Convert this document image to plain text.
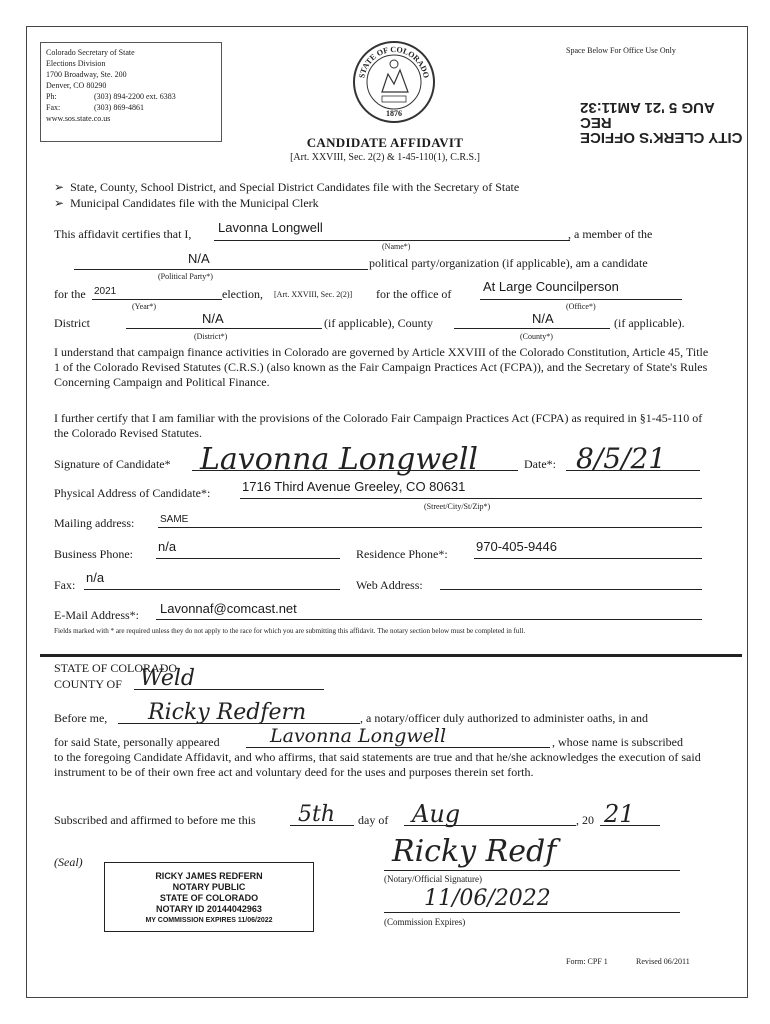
Colorado Secretary of State
Elections Division
1700 Broadway, Ste. 200
Denver, CO 80290
Ph:	(303) 894-2200 ext. 6383
Fax:	(303) 869-4861
www.sos.state.co.us
STATE OF COLORADO
1876
Space Below For Office Use Only
CITY CLERK'S OFFICE REC
AUG 5 '21 AM11:32
CANDIDATE AFFIDAVIT
[Art. XXVIII, Sec. 2(2) & 1-45-110(1), C.R.S.]
➢  State, County, School District, and Special District Candidates file with the Secretary of State
➢  Municipal Candidates file with the Municipal Clerk
This affidavit certifies that I, Lavonna Longwell	, a member of the
(Name*)
N/A	political party/organization (if applicable), am a candidate
(Political Party*)
for the 2021	election, [Art. XXVIII, Sec. 2(2)] for the office of At Large Councilperson
(Year*)	(Office*)
District	N/A	(if applicable), County	N/A	(if applicable).
(District*)	(County*)
I understand that campaign finance activities in Colorado are governed by Article XXVIII of the Colorado Constitution, Article 45, Title 1 of the Colorado Revised Statutes (C.R.S.) (also known as the Fair Campaign Practices Act (FCPA)), and the Secretary of State's Rules Concerning Campaign and Political Finance.
I further certify that I am familiar with the provisions of the Colorado Fair Campaign Practices Act (FCPA) as required in §1-45-110 of the Colorado Revised Statutes.
Signature of Candidate* Lavonna Longwell	Date*: 8/5/21
Physical Address of Candidate*: 1716 Third Avenue Greeley, CO 80631
(Street/City/St/Zip*)
Mailing address:	SAME
Business Phone: n/a	Residence Phone*: 970-405-9446
Fax: n/a	Web Address:
E-Mail Address*: Lavonnaf@comcast.net
Fields marked with * are required unless they do not apply to the race for which you are submitting this affidavit. The notary section below must be completed in full.
STATE OF COLORADO
COUNTY OF Weld
Before me, Ricky Redfern	, a notary/officer duly authorized to administer oaths, in and
for said State, personally appeared	Lavonna Longwell	, whose name is subscribed
to the foregoing Candidate Affidavit, and who affirms, that said statements are true and that he/she acknowledges the execution of said instrument to be of their own free act and voluntary deed for the uses and purposes therein set forth.
Subscribed and affirmed to before me this 5th day of Aug	, 20 21
(Seal)
RICKY JAMES REDFERN
NOTARY PUBLIC
STATE OF COLORADO
NOTARY ID 20144042963
MY COMMISSION EXPIRES 11/06/2022
Ricky Redf
(Notary/Official Signature)
11/06/2022
(Commission Expires)
Form: CPF 1	Revised 06/2011
